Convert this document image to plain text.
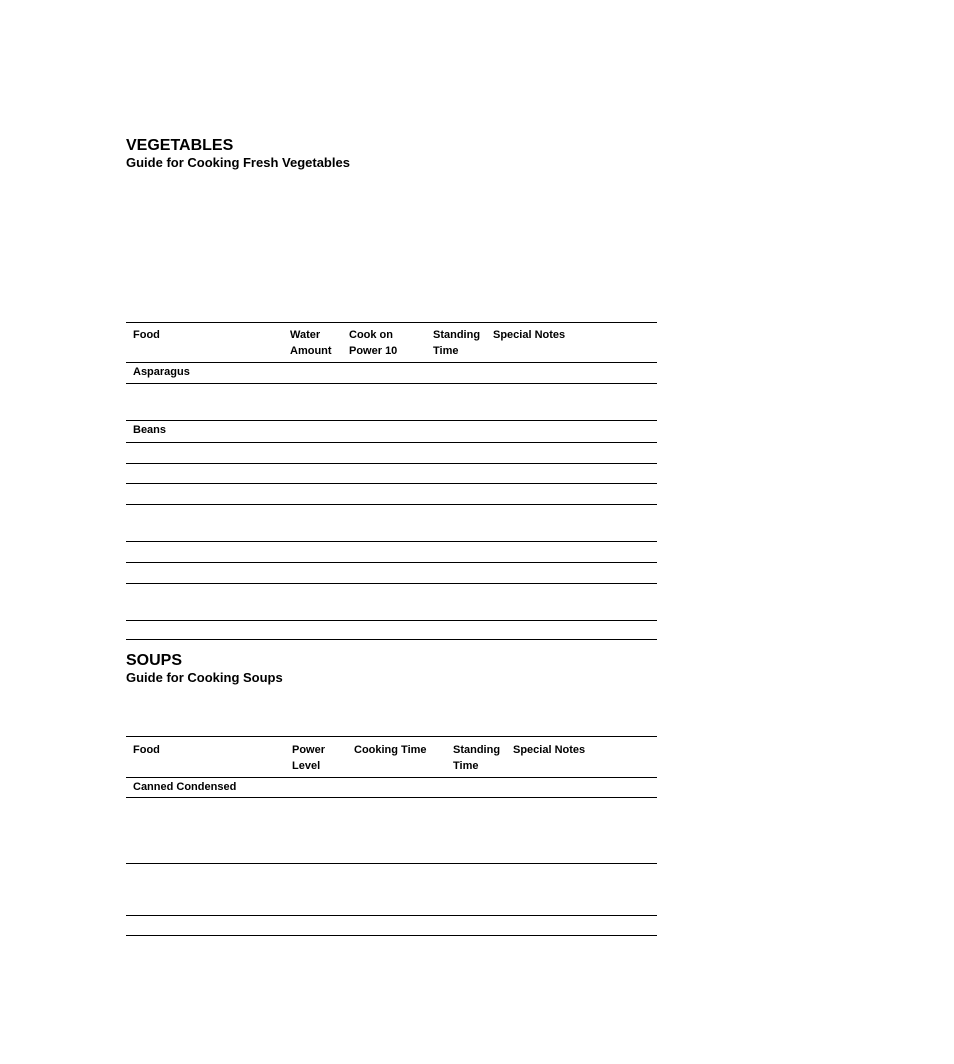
VEGETABLES
Guide for Cooking Fresh Vegetables
Food	Water
Amount
Cook on
Power 10
Standing
Time
Special Notes
Asparagus
Beans
SOUPS
Guide for Cooking Soups
Food	Power
Level
Cooking Time Standing
Time
Special Notes
Canned Condensed
